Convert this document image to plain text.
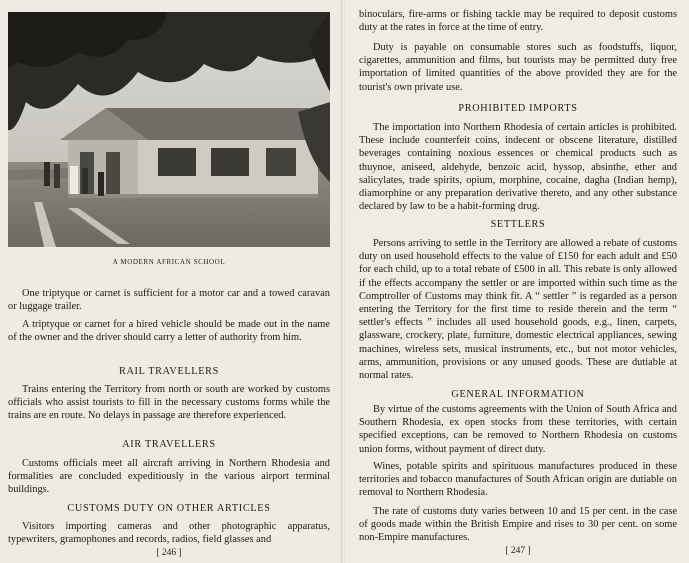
A MODERN AFRICAN SCHOOL

One triptyque or carnet is sufficient for a motor car and a towed caravan or luggage trailer.

A triptyque or carnet for a hired vehicle should be made out in the name of the owner and the driver should carry a letter of authority from him.

RAIL TRAVELLERS

Trains entering the Territory from north or south are worked by customs officials who assist tourists to fill in the necessary customs forms while the trains are en route. No delays in passage are therefore experienced.

AIR TRAVELLERS

Customs officials meet all aircraft arriving in Northern Rhodesia and formalities are concluded expeditiously in the various airport terminal buildings.

CUSTOMS DUTY ON OTHER ARTICLES

Visitors importing cameras and other photographic apparatus, typewriters, gramophones and records, radios, field glasses and

[ 246 ]

binoculars, fire-arms or fishing tackle may be required to deposit customs duty at the rates in force at the time of entry.

Duty is payable on consumable stores such as foodstuffs, liquor, cigarettes, ammunition and films, but tourists may be permitted duty free importation of limited quantities of the above provided they are for the tourist's own private use.

PROHIBITED IMPORTS

The importation into Northern Rhodesia of certain articles is prohibited. These include counterfeit coins, indecent or obscene literature, distilled beverages containing noxious essences or chemical products such as thuynoe, aniseed, aldehyde, benzoic acid, hyssop, absinthe, ether and salicylates, trade spirits, opium, morphine, cocaine, dagha (Indian hemp), diamorphine or any preparation derivative thereto, and any other substance declared by law to be a habit-forming drug.

SETTLERS

Persons arriving to settle in the Territory are allowed a rebate of customs duty on used household effects to the value of £150 for each adult and £50 for each child, up to a total rebate of £500 in all. This rebate is only allowed if the effects accompany the settler or are imported within such time as the Comptroller of Customs may think fit. A “ settler ” is regarded as a person entering the Territory for the first time to reside therein and the term “ settler's effects ” includes all used household goods, e.g., linen, carpets, glassware, crockery, plate, furniture, domestic electrical appliances, sewing machines, wireless sets, musical instruments, etc., but not motor vehicles, arms, ammunition, provisions or any unused goods. These are dutiable at normal rates.

GENERAL INFORMATION

By virtue of the customs agreements with the Union of South Africa and Southern Rhodesia, ex open stocks from these territories, with certain specified exceptions, can be removed to Northern Rhodesia on customs union forms, without payment of direct duty.

Wines, potable spirits and spirituous manufactures produced in these territories and tobacco manufactures of South African origin are dutiable on removal to Northern Rhodesia.

The rate of customs duty varies between 10 and 15 per cent. in the case of goods made within the British Empire and rises to 30 per cent. on some non-Empire manufactures.

[ 247 ]
